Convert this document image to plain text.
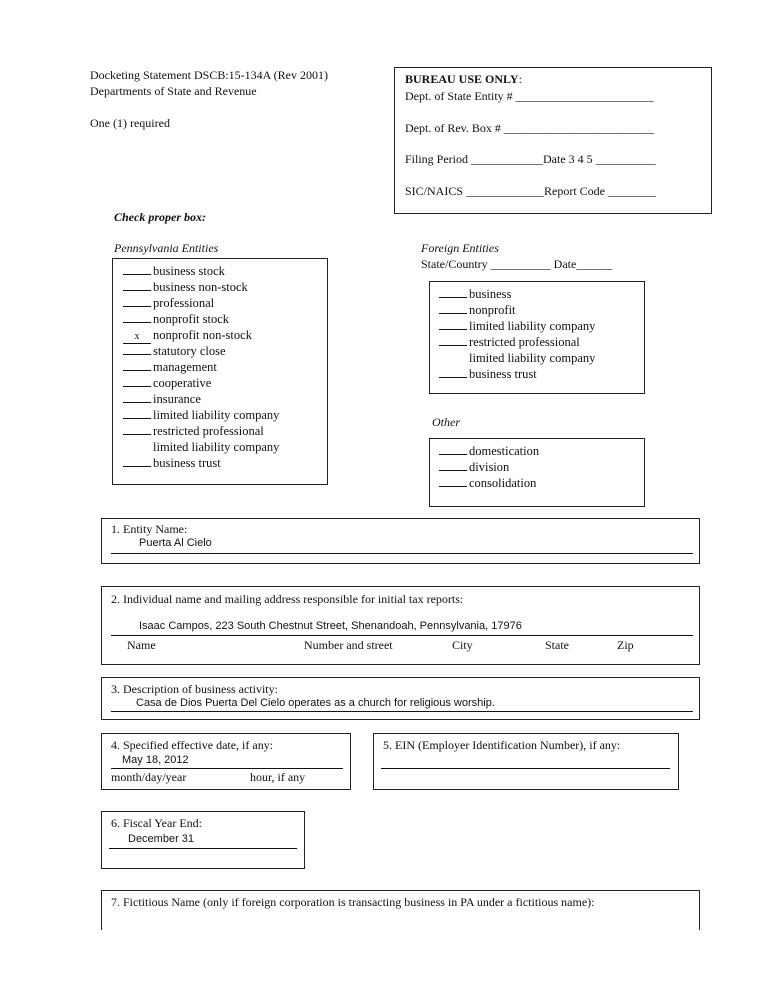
Docketing Statement DSCB:15-134A (Rev 2001)
Departments of State and Revenue
One (1) required
BUREAU USE ONLY:
Dept. of State Entity # _______________________
Dept. of Rev. Box # _________________________
Filing Period ____________Date 3 4 5 __________
SIC/NAICS _____________Report Code ________
Check proper box:
Pennsylvania Entities
business stock
business non-stock
professional
nonprofit stock
x nonprofit non-stock
statutory close
management
cooperative
insurance
limited liability company
restricted professional
limited liability company
business trust
Foreign Entities
State/Country __________ Date______
business
nonprofit
limited liability company
restricted professional
limited liability company
business trust
Other
domestication
division
consolidation
1. Entity Name:
Puerta Al Cielo
2. Individual name and mailing address responsible for initial tax reports:
Isaac Campos, 223 South Chestnut Street, Shenandoah, Pennsylvania, 17976
Name	Number and street	City	State	Zip
3. Description of business activity:
Casa de Dios Puerta Del Cielo operates as a church for religious worship.
4. Specified effective date, if any:
May 18, 2012
month/day/year	hour, if any
5. EIN (Employer Identification Number), if any:
6. Fiscal Year End:
December 31
7. Fictitious Name (only if foreign corporation is transacting business in PA under a fictitious name):
